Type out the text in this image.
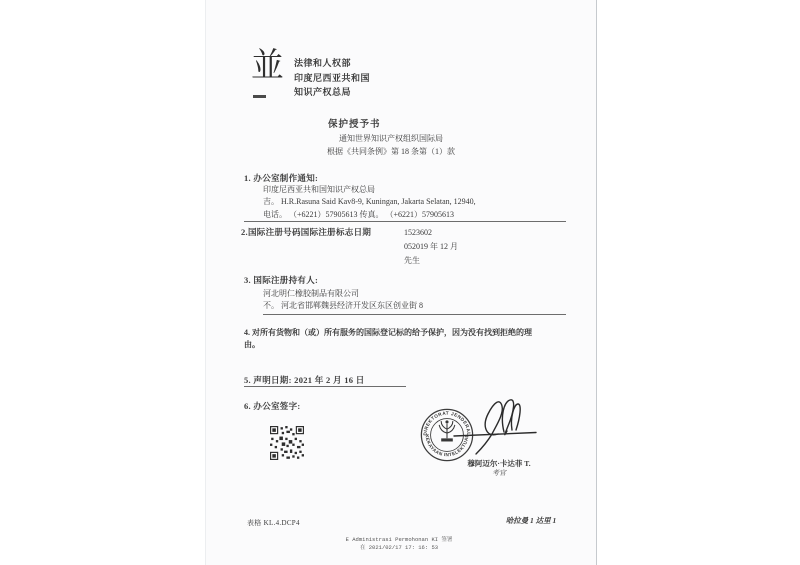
並 法律和人权部
印度尼西亚共和国
知识产权总局
保护授予书
通知世界知识产权组织国际局
根据《共同条例》第 18 条第（1）款
1. 办公室制作通知:
印度尼西亚共和国知识产权总局
吉。 H.R.Rasuna Said Kav8-9, Kuningan, Jakarta Selatan, 12940,
电话。 （+6221）57905613 传真。 （+6221）57905613
2.国际注册号码国际注册标志日期	1523602
052019 年 12 月
先生
3. 国际注册持有人:
河北明仁橡胶制品有限公司
不。 河北省邯郸魏县经济开发区东区创业街 8
4. 对所有货物和（或）所有服务的国际登记标的给予保护，因为没有找到拒绝的理由。
5. 声明日期: 2021 年 2 月 16 日
6. 办公室签字:
DIREKTORAT JENDERAL
KEKAYAAN INTELEKTUAL
穆阿迈尔·卡达菲 T.
考官
表格 KL.4.DCP4	哈拉曼 1 达里 1
E Administrasi Permohonan KI 签署
在 2021/02/17 17: 16: 53
